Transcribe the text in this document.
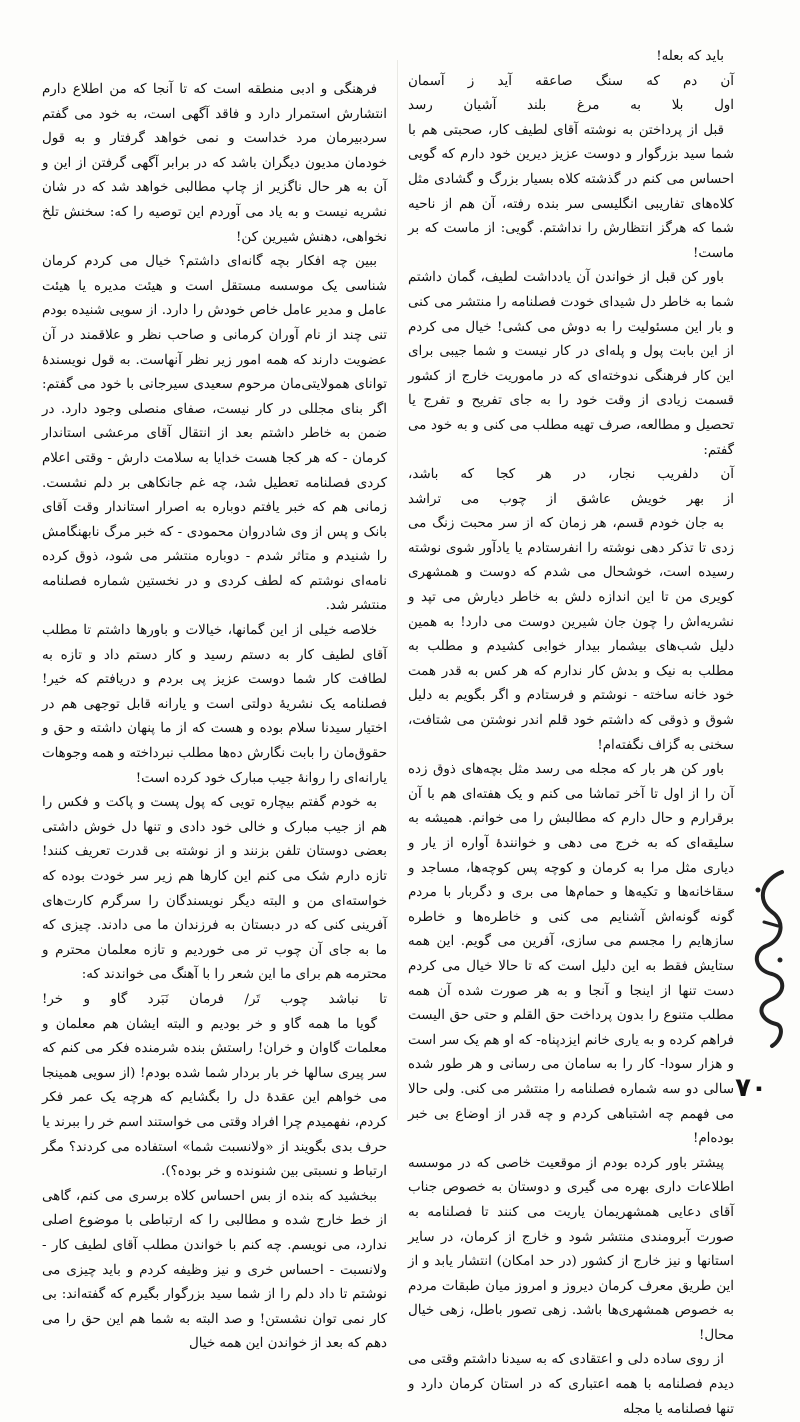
باید که بعله!

آن دم که سنگ صاعقه آید ز آسمان

اول بلا به مرغ بلند آشیان رسد

قبل از پرداختن به نوشته آقای لطیف کار، صحبتی هم با شما سید بزرگوار و دوست عزیز دیرین خود دارم که گویی احساس می کنم در گذشته کلاه بسیار بزرگ و گشادی مثل کلاه‌های تفاریبی انگلیسی سر بنده رفته، آن هم از ناحیه شما که هرگز انتظارش را نداشتم. گویی: از ماست که بر ماست!

باور کن قبل از خواندن آن یادداشت لطیف، گمان داشتم شما به خاطر دل شیدای خودت فصلنامه را منتشر می کنی و بار این مسئولیت را به دوش می کشی! خیال می کردم از این بابت پول و پله‌ای در کار نیست و شما جیبی برای این کار فرهنگی ندوخته‌ای که در ماموریت خارج از کشور قسمت زیادی از وقت خود را به جای تفریح و تفرج یا تحصیل و مطالعه، صرف تهیه مطلب می کنی و به خود می گفتم:

آن دلفریب نجار، در هر کجا که باشد،

از بهر خویش عاشق از چوب می تراشد

به جان خودم قسم، هر زمان که از سر محبت زنگ می زدی تا تذکر دهی نوشته را انفرستادم یا یادآور شوی نوشته رسیده است، خوشحال می شدم که دوست و همشهری کویری من تا این اندازه دلش به خاطر دیارش می تپد و نشریه‌اش را چون جان شیرین دوست می دارد! به همین دلیل شب‌های بیشمار بیدار خوابی کشیدم و مطلب به مطلب به نیک و بدش کار ندارم که هر کس به قدر همت خود خانه ساخته - نوشتم و فرستادم و اگر بگویم به دلیل شوق و ذوقی که داشتم خود قلم اندر نوشتن می شتافت، سخنی به گزاف نگفته‌ام!

باور کن هر بار که مجله می رسد مثل بچه‌های ذوق زده آن را از اول تا آخر تماشا می کنم و یک هفته‌ای هم با آن برقرارم و حال دارم که مطالبش را می خوانم. همیشه به سلیقه‌ای که به خرج می دهی و خوانندهٔ آواره از یار و دیاری مثل مرا به کرمان و کوچه پس کوچه‌ها، مساجد و سقاخانه‌ها و تکیه‌ها و حمام‌ها می بری و دگربار با مردم گونه گونه‌اش آشنایم می کنی و خاطره‌ها و خاطره سازهایم را مجسم می سازی، آفرین می گویم. این همه ستایش فقط به این دلیل است که تا حالا خیال می کردم دست تنها از اینجا و آنجا و به هر صورت شده آن همه مطلب متنوع را بدون پرداخت حق القلم و حتی حق الیست فراهم کرده و به یاری خانم ایزدپناه- که او هم یک سر است و هزار سودا- کار را به سامان می رسانی و هر طور شده سالی دو سه شماره فصلنامه را منتشر می کنی. ولی حالا می فهمم چه اشتباهی کردم و چه قدر از اوضاع بی خبر بوده‌ام!

پیشتر باور کرده بودم از موقعیت خاصی که در موسسه اطلاعات داری بهره می گیری و دوستان به خصوص جناب آقای دعایی همشهریمان یاریت می کنند تا فصلنامه به صورت آبرومندی منتشر شود و خارج از کرمان، در سایر استانها و نیز خارج از کشور (در حد امکان) انتشار یابد و از این طریق معرف کرمان دیروز و امروز میان طبقات مردم به خصوص همشهری‌ها باشد. زهی تصور باطل، زهی خیال محال!

از روی ساده دلی و اعتقادی که به سیدنا داشتم وقتی می دیدم فصلنامه با همه اعتباری که در استان کرمان دارد و تنها فصلنامه یا مجله

فرهنگی و ادبی منطقه است که تا آنجا که من اطلاع دارم انتشارش استمرار دارد و فاقد آگهی است، به خود می گفتم سردبیرمان مرد خداست و نمی خواهد گرفتار و به قول خودمان مدیون دیگران باشد که در برابر آگهی گرفتن از این و آن به هر حال ناگزیر از چاپ مطالبی خواهد شد که در شان نشریه نیست و به یاد می آوردم این توصیه را که: سخنش تلخ نخواهی، دهنش شیرین کن!

ببین چه افکار بچه گانه‌ای داشتم؟ خیال می کردم کرمان شناسی یک موسسه مستقل است و هیئت مدیره یا هیئت عامل و مدیر عامل خاص خودش را دارد. از سویی شنیده بودم تنی چند از نام آوران کرمانی و صاحب نظر و علاقمند در آن عضویت دارند که همه امور زیر نظر آنهاست. به قول نویسندهٔ توانای همولایتی‌مان مرحوم سعیدی سیرجانی با خود می گفتم: اگر بنای مجللی در کار نیست، صفای منصلی وجود دارد. در ضمن به خاطر داشتم بعد از انتقال آقای مرعشی استاندار کرمان - که هر کجا هست خدایا به سلامت دارش - وقتی اعلام کردی فصلنامه تعطیل شد، چه غم جانکاهی بر دلم نشست. زمانی هم که خبر یافتم دوباره به اصرار استاندار وقت آقای بانک و پس از وی شادروان محمودی - که خبر مرگ نابهنگامش را شنیدم و متاثر شدم - دوباره منتشر می شود، ذوق کرده نامه‌ای نوشتم که لطف کردی و در نخستین شماره فصلنامه منتشر شد.

خلاصه خیلی از این گمانها، خیالات و باورها داشتم تا مطلب آقای لطیف کار به دستم رسید و کار دستم داد و تازه به لطافت کار شما دوست عزیز پی بردم و دریافتم که خیر! فصلنامه یک نشریهٔ دولتی است و یارانه قابل توجهی هم در اختیار سیدنا سلام بوده و هست که از ما پنهان داشته و حق و حقوق‌مان را بابت نگارش ده‌ها مطلب نبرداخته و همه وجوهات یارانه‌ای را روانهٔ جیب مبارک خود کرده است!

به خودم گفتم بیچاره تویی که پول پست و پاکت و فکس را هم از جیب مبارک و خالی خود دادی و تنها دل خوش داشتی بعضی دوستان تلفن بزنند و از نوشته بی قدرت تعریف کنند! تازه دارم شک می کنم این کارها هم زیر سر خودت بوده که خواسته‌ای من و البته دیگر نویسندگان را سرگرم کارت‌های آفرینی کنی که در دبستان به فرزندان ما می دادند. چیزی که ما به جای آن چوب تر می خوردیم و تازه معلمان محترم و محترمه هم برای ما این شعر را با آهنگ می خواندند که:

تا نباشد چوب تَر/ فرمان نَبَرد گاو و خر!

گویا ما همه گاو و خر بودیم و البته ایشان هم معلمان و معلمات گاوان و خران! راستش بنده شرمنده فکر می کنم که سر پیری سالها خر بار بردار شما شده بودم! (از سویی همینجا می خواهم این عقدهٔ دل را بگشایم که هرچه یک عمر فکر کردم، نفهمیدم چرا افراد وقتی می خواستند اسم خر را ببرند یا حرف بدی بگویند از «ولانسبت شما» استفاده می کردند؟ مگر ارتباط و نسبتی بین شنونده و خر بوده؟).

ببخشید که بنده از بس احساس کلاه برسری می کنم، گاهی از خط خارج شده و مطالبی را که ارتباطی با موضوع اصلی ندارد، می نویسم. چه کنم با خواندن مطلب آقای لطیف کار - ولانسبت - احساس خری و نیز وظیفه کردم و باید چیزی می نوشتم تا داد دلم را از شما سید بزرگوار بگیرم که گفته‌اند: بی کار نمی توان نشستن! و صد البته به شما هم این حق را می دهم که بعد از خواندن این همه خیال

۷۰
